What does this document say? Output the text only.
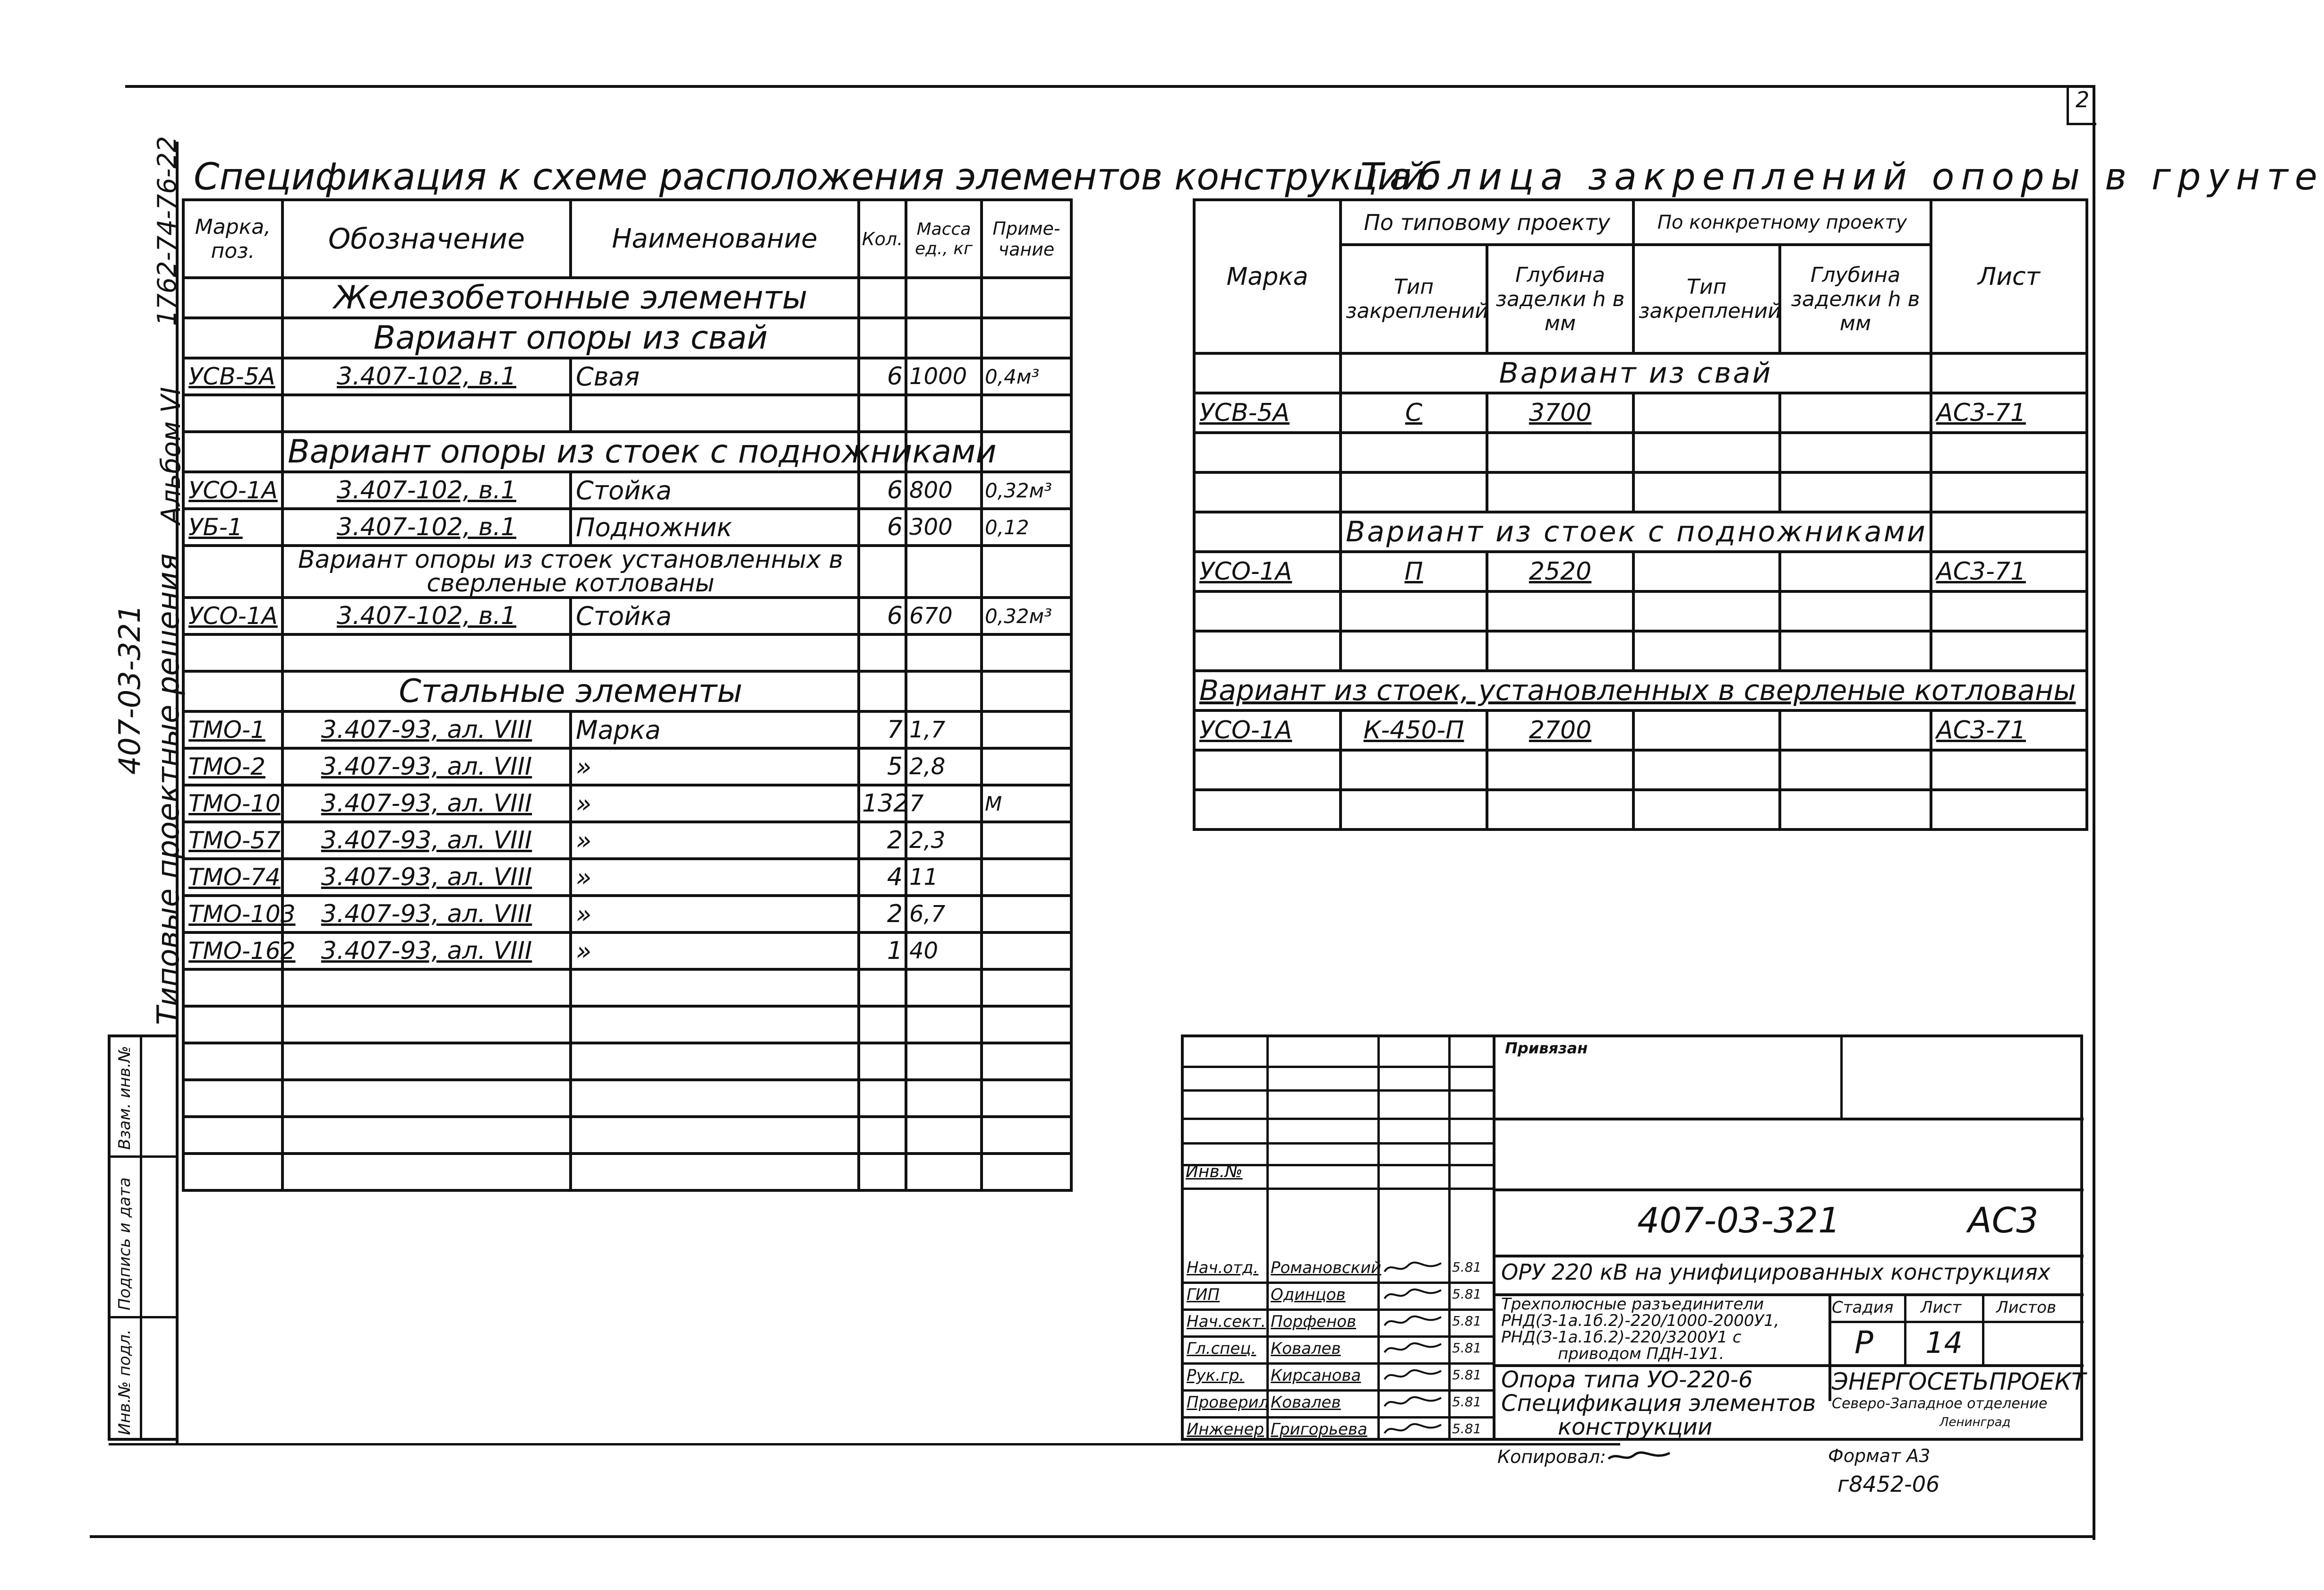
2
1762-74-76-22
Альбом VI
407-03-321 Типовые проектные решения
Взам. инв.№
Подпись и дата
Инв.№ подл.
Спецификация к схеме расположения элементов конструкций.
Марка, поз.	Обозначение	Наименование	Кол.	Масса ед., кг	Приме- чание
	Железобетонные элементы				
	Вариант опоры из свай				
УСВ-5А	3.407-102, в.1	Свая	6	1000	0,4м³

	Вариант опоры из стоек с подножниками				
УСО-1А	3.407-102, в.1	Стойка	6	800	0,32м³
УБ-1	3.407-102, в.1	Подножник	6	300	0,12
	Вариант опоры из стоек установленных в сверленые котлованы				
УСО-1А	3.407-102, в.1	Стойка	6	670	0,32м³

	Стальные элементы				
ТМО-1	3.407-93, ал. VIII	Марка	7	1,7	
ТМО-2	3.407-93, ал. VIII	»	5	2,8	
ТМО-10	3.407-93, ал. VIII	»	132	7	М
ТМО-57	3.407-93, ал. VIII	»	2	2,3	
ТМО-74	3.407-93, ал. VIII	»	4	11	
ТМО-103	3.407-93, ал. VIII	»	2	6,7	
ТМО-162	3.407-93, ал. VIII	»	1	40	

Таблица закреплений опоры в грунте
Марка	По типовому проекту		По конкретному проекту		Лист
	Тип закреплений	Глубина заделки h в мм	Тип закреплений	Глубина заделки h в мм	
	Вариант из свай				
УСВ-5А	С	3700			АС3-71

	Вариант из стоек с подножниками				
УСО-1А	П	2520			АС3-71

Вариант из стоек, установленных в сверленые котлованы					
УСО-1А	К-450-П	2700			АС3-71

Инв.№
Привязан
407-03-321	АС3
Нач.отд. Романовский	5.81
ГИП	Одинцов	5.81
Нач.сект. Порфенов	5.81
Гл.спец. Ковалев	5.81
Рук.гр. Кирсанова	5.81
Проверил Ковалев	5.81
Инженер Григорьева	5.81
ОРУ 220 кВ на унифицированных конструкциях
Трехполюсные разъединители
РНД(З-1а.1б.2)-220/1000-2000У1,
РНД(З-1а.1б.2)-220/3200У1 с
приводом ПДН-1У1.
Стадия Лист Листов
Р 14
Опора типа УО-220-6
Спецификация элементов
конструкции
ЭНЕРГОСЕТЬПРОЕКТ
Северо-Западное отделение
Ленинград
Копировал:	Формат А3
г8452-06
